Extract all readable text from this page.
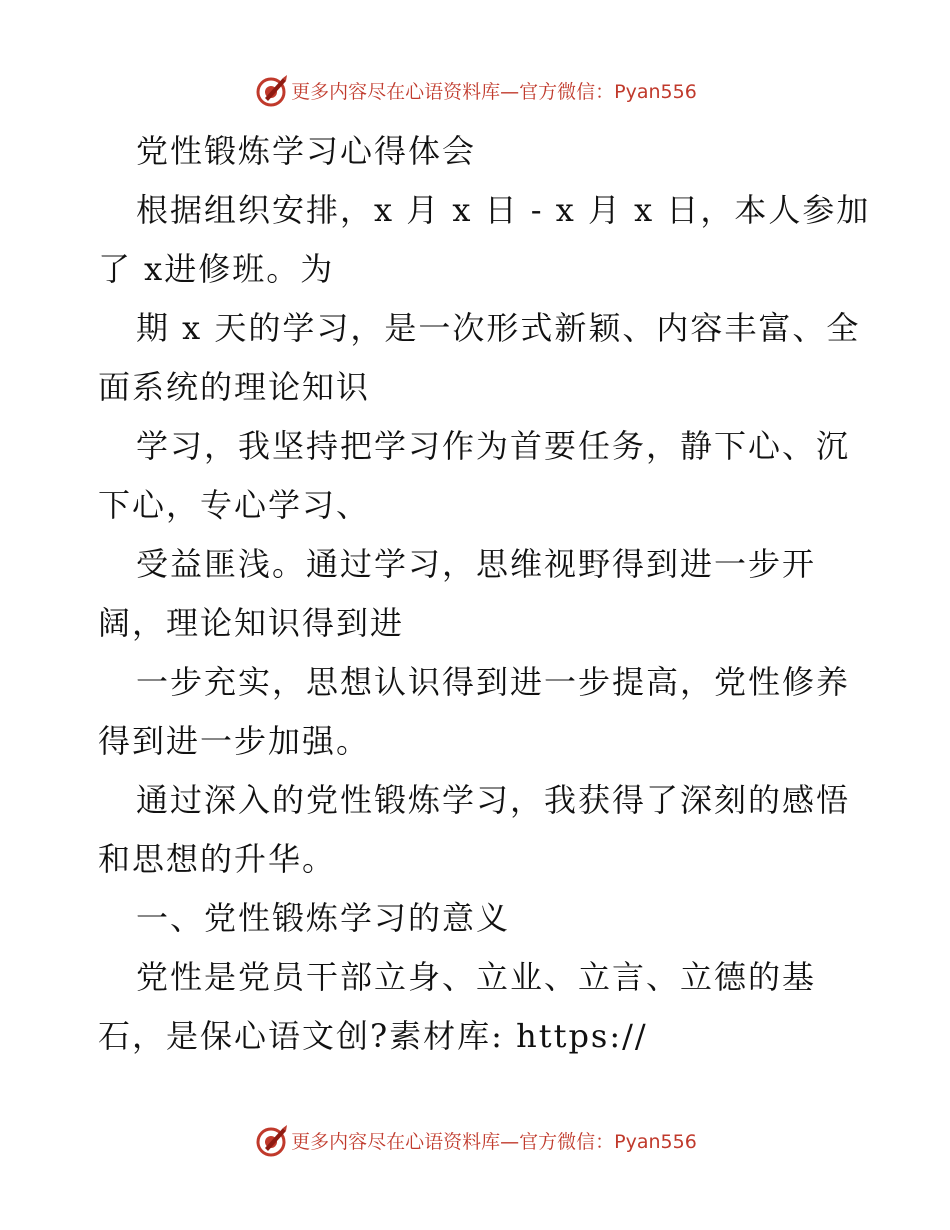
更多内容尽在心语资料库—官方微信：Pyan556

党性锻炼学习心得体会

根据组织安排，x 月 x 日 - x 月 x 日，本人参加
了 x进修班。为

期 x 天的学习，是一次形式新颖、内容丰富、全
面系统的理论知识

学习，我坚持把学习作为首要任务，静下心、沉
下心，专心学习、

受益匪浅。通过学习，思维视野得到进一步开
阔，理论知识得到进

一步充实，思想认识得到进一步提高，党性修养
得到进一步加强。

通过深入的党性锻炼学习，我获得了深刻的感悟
和思想的升华。

一、党性锻炼学习的意义

党性是党员干部立身、立业、立言、立德的基
石，是保心语文创?素材库: https://

更多内容尽在心语资料库—官方微信：Pyan556
